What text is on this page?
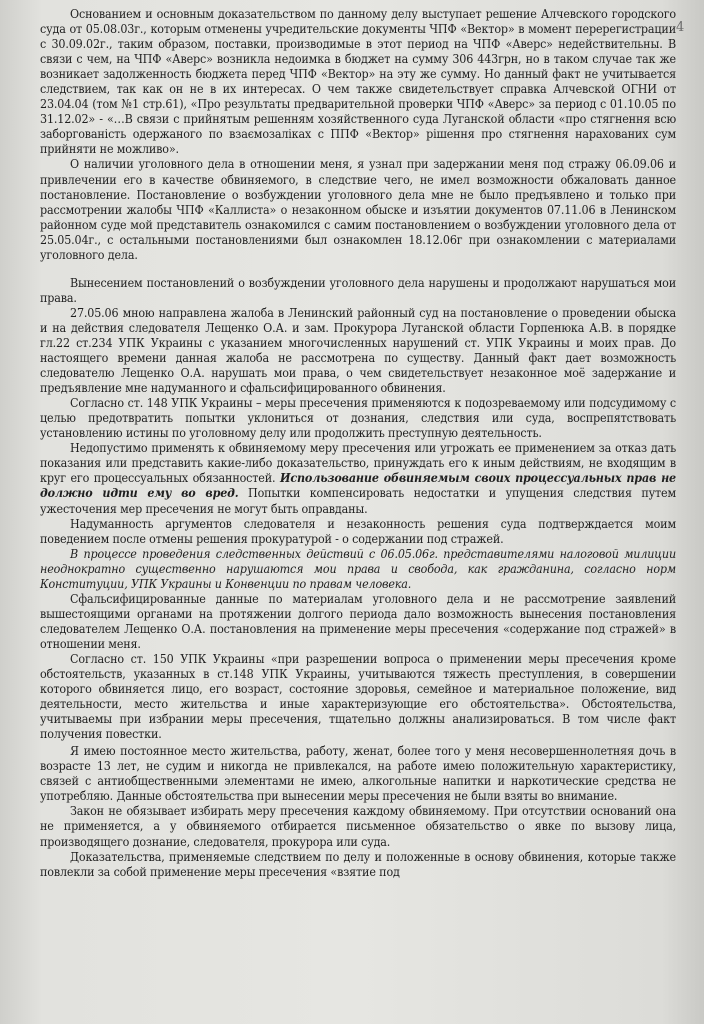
4

Основанием и основным доказательством по данному делу выступает решение Алчевского городского суда от 05.08.03г., которым отменены учредительские документы ЧПФ «Вектор» в момент перерегистрации с 30.09.02г., таким образом, поставки, производимые в этот период на ЧПФ «Аверс» недействительны. В связи с чем, на ЧПФ «Аверс» возникла недоимка в бюджет на сумму 306 443грн, но в таком случае так же возникает задолженность бюджета перед ЧПФ «Вектор» на эту же сумму. Но данный факт не учитывается следствием, так как он не в их интересах. О чем также свидетельствует справка Алчевской ОГНИ от 23.04.04 (том №1 стр.61), «Про результаты предварительной проверки ЧПФ «Аверс» за период с 01.10.05 по 31.12.02» - «…В связи с прийнятым решенням хозяйственного суда Луганской области «про стягнення всю заборгованість одержаного по взаємозаліках с ППФ «Вектор» рішення про стягнення нарахованих сум прийняти не можливо».

О наличии уголовного дела в отношении меня, я узнал при задержании меня под стражу 06.09.06 и привлечении его в качестве обвиняемого, в следствие чего, не имел возможности обжаловать данное постановление. Постановление о возбуждении уголовного дела мне не было предъявлено и только при рассмотрении жалобы ЧПФ «Каллиста» о незаконном обыске и изъятии документов 07.11.06 в Ленинском районном суде мой представитель ознакомился с самим постановлением о возбуждении уголовного дела от 25.05.04г., с остальными постановлениями был ознакомлен 18.12.06г при ознакомлении с материалами уголовного дела.

Вынесением постановлений о возбуждении уголовного дела нарушены и продолжают нарушаться мои права.

27.05.06 мною направлена жалоба в Ленинский районный суд на постановление о проведении обыска и на действия следователя Лещенко О.А. и зам. Прокурора Луганской области Горпенюка А.В. в порядке гл.22 ст.234 УПК Украины с указанием многочисленных нарушений ст. УПК Украины и моих прав. До настоящего времени данная жалоба не рассмотрена по существу. Данный факт дает возможность следователю Лещенко О.А. нарушать мои права, о чем свидетельствует незаконное моё задержание и предъявление мне надуманного и сфальсифицированного обвинения.

Согласно ст. 148 УПК Украины – меры пресечения применяются к подозреваемому или подсудимому с целью предотвратить попытки уклониться от дознания, следствия или суда, воспрепятствовать установлению истины по уголовному делу или продолжить преступную деятельность.

Недопустимо применять к обвиняемому меру пресечения или угрожать ее применением за отказ дать показания или представить какие-либо доказательство, принуждать его к иным действиям, не входящим в круг его процессуальных обязанностей. Использование обвиняемым своих процессуальных прав не должно идти ему во вред. Попытки компенсировать недостатки и упущения следствия путем ужесточения мер пресечения не могут быть оправданы.

Надуманность аргументов следователя и незаконность решения суда подтверждается моим поведением после отмены решения прокуратурой - о содержании под стражей.

В процессе проведения следственных действий с 06.05.06г. представителями налоговой милиции неоднократно существенно нарушаются мои права и свобода, как гражданина, согласно норм Конституции, УПК Украины и Конвенции по правам человека.

Сфальсифицированные данные по материалам уголовного дела и не рассмотрение заявлений вышестоящими органами на протяжении долгого периода дало возможность вынесения постановления следователем Лещенко О.А. постановления на применение меры пресечения «содержание под стражей» в отношении меня.

Согласно ст. 150 УПК Украины «при разрешении вопроса о применении меры пресечения кроме обстоятельств, указанных в ст.148 УПК Украины, учитываются тяжесть преступления, в совершении которого обвиняется лицо, его возраст, состояние здоровья, семейное и материальное положение, вид деятельности, место жительства и иные характеризующие его обстоятельства». Обстоятельства, учитываемы при избрании меры пресечения, тщательно должны анализироваться. В том числе факт получения повестки.

Я имею постоянное место жительства, работу, женат, более того у меня несовершеннолетняя дочь в возрасте 13 лет, не судим и никогда не привлекался, на работе имею положительную характеристику, связей с антиобщественными элементами не имею, алкогольные напитки и наркотические средства не употребляю. Данные обстоятельства при вынесении меры пресечения не были взяты во внимание.

Закон не обязывает избирать меру пресечения каждому обвиняемому. При отсутствии оснований она не применяется, а у обвиняемого отбирается письменное обязательство о явке по вызову лица, производящего дознание, следователя, прокурора или суда.

Доказательства, применяемые следствием по делу и положенные в основу обвинения, которые также повлекли за собой применение меры пресечения «взятие под
